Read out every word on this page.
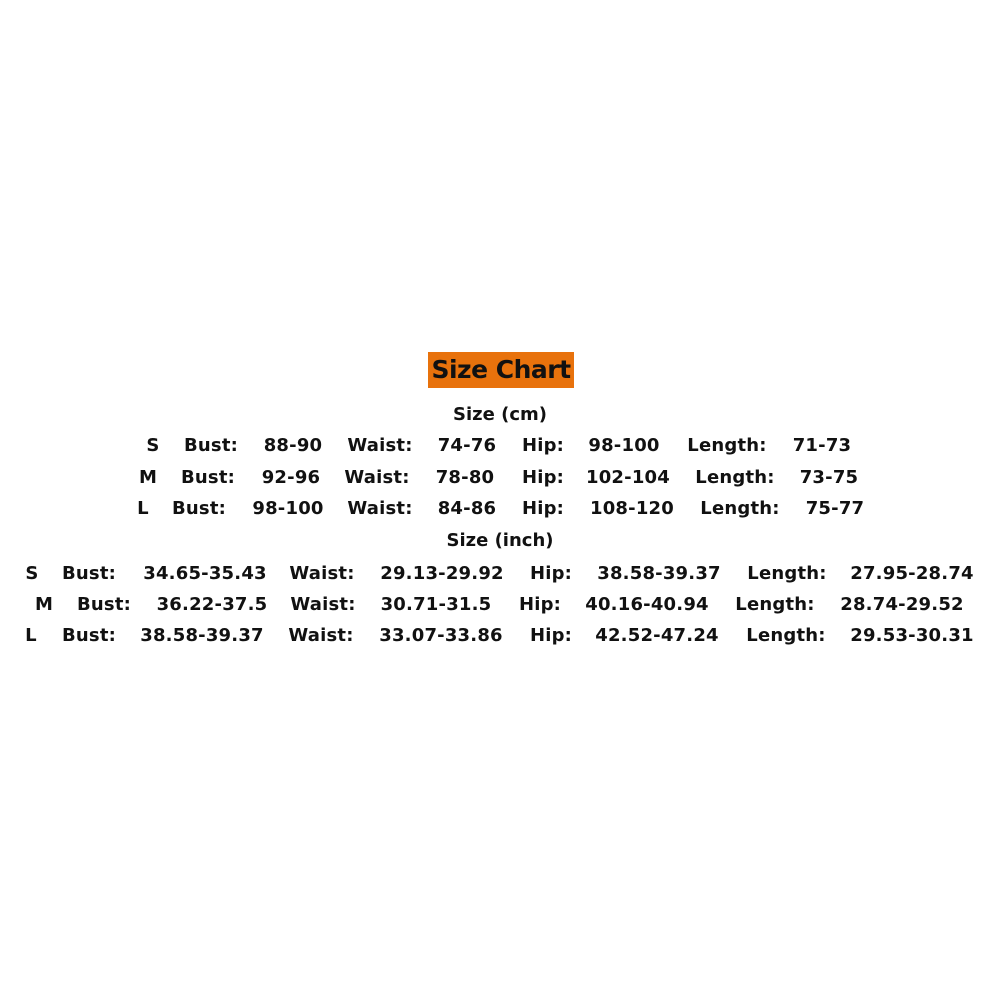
Size Chart
Size (cm)
S Bust: 88-90 Waist: 74-76 Hip: 98-100 Length: 71-73
M Bust: 92-96 Waist: 78-80 Hip: 102-104 Length: 73-75
L Bust: 98-100 Waist: 84-86 Hip: 108-120 Length: 75-77
Size (inch)
S Bust: 34.65-35.43 Waist: 29.13-29.92 Hip: 38.58-39.37 Length: 27.95-28.74
M Bust: 36.22-37.5 Waist: 30.71-31.5 Hip: 40.16-40.94 Length: 28.74-29.52
L Bust: 38.58-39.37 Waist: 33.07-33.86 Hip: 42.52-47.24 Length: 29.53-30.31
